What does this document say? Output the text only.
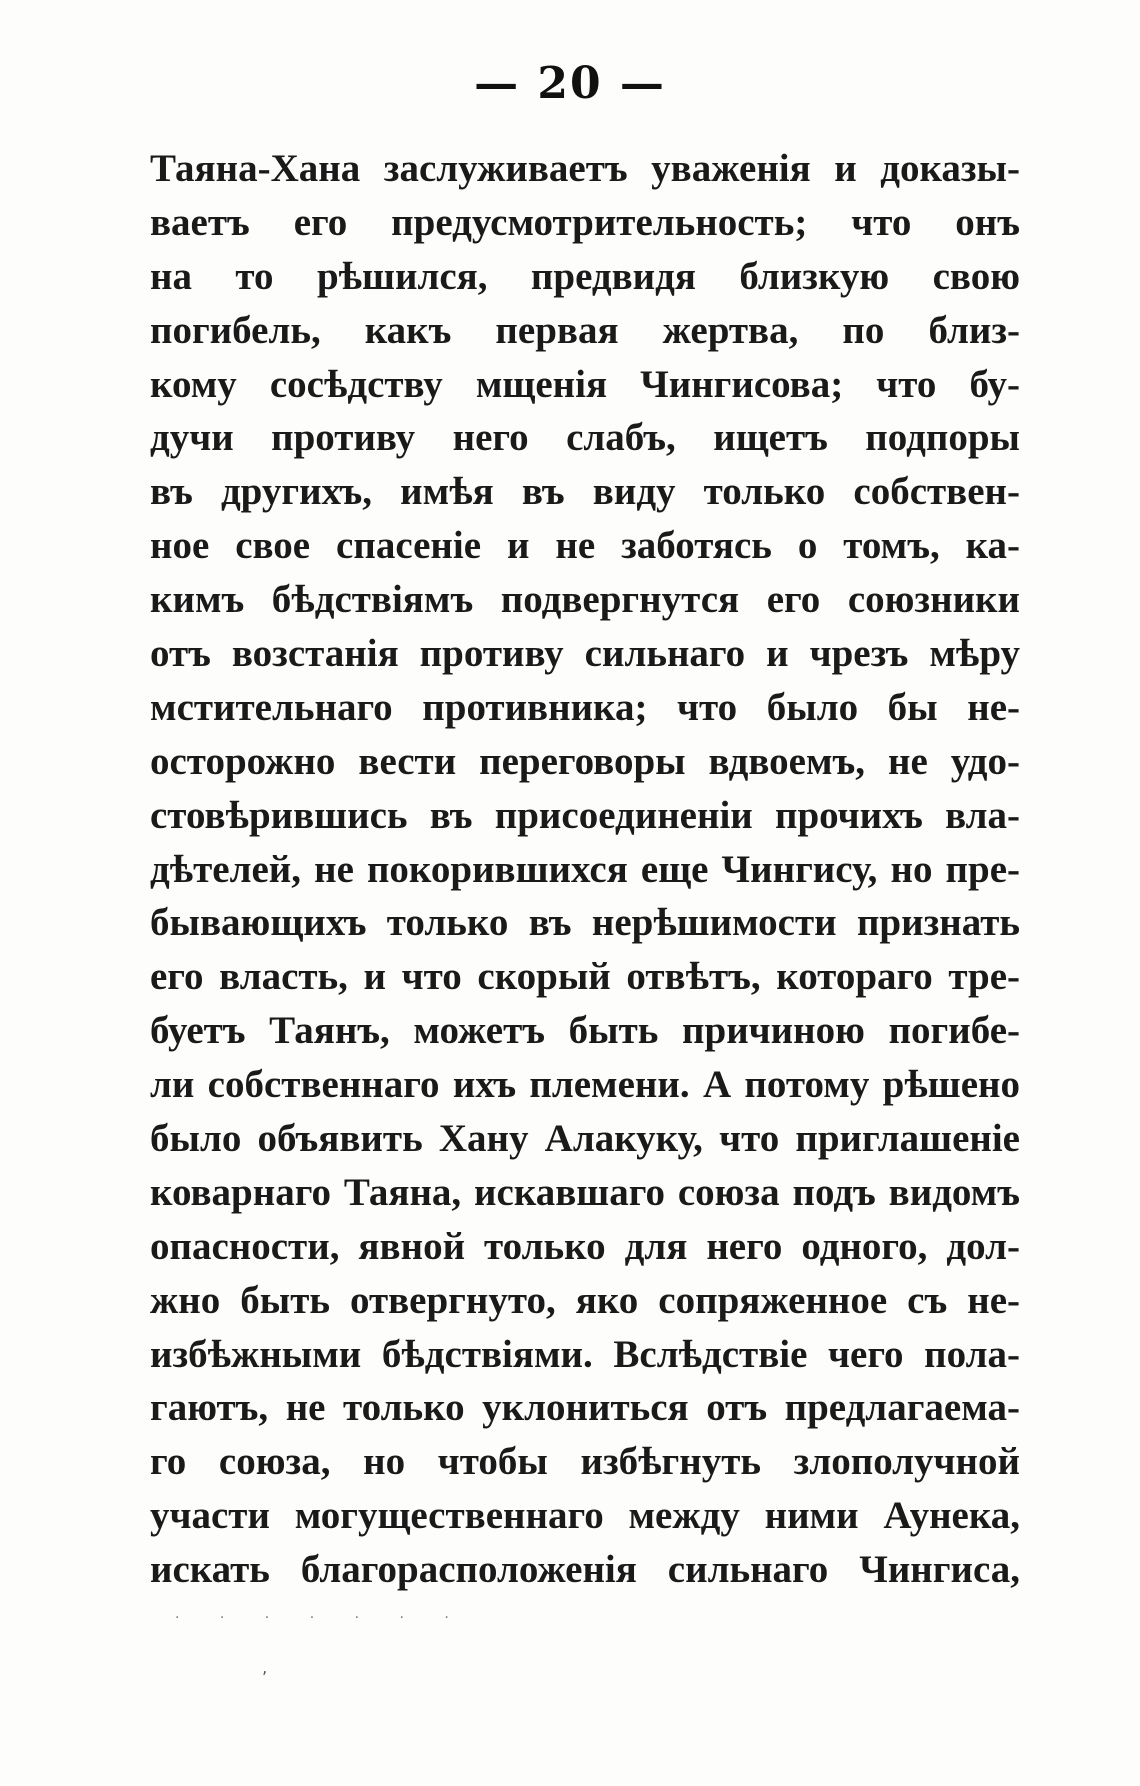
— 20 —
Таяна-Хана заслуживаетъ уваженія и доказы-
ваетъ его предусмотрительность; что онъ
на то рѣшился, предвидя близкую свою
погибель, какъ первая жертва, по близ-
кому сосѣдству мщенія Чингисова; что бу-
дучи противу него слабъ, ищетъ подпоры
въ другихъ, имѣя въ виду только собствен-
ное свое спасеніе и не заботясь о томъ, ка-
кимъ бѣдствіямъ подвергнутся его союзники
отъ возстанія противу сильнаго и чрезъ мѣру
мстительнаго противника; что было бы не-
осторожно вести переговоры вдвоемъ, не удо-
стовѣрившись въ присоединеніи прочихъ вла-
дѣтелей, не покорившихся еще Чингису, но пре-
бывающихъ только въ нерѣшимости признать
его власть, и что скорый отвѣтъ, котораго тре-
буетъ Таянъ, можетъ быть причиною погибе-
ли собственнаго ихъ племени. А потому рѣшено
было объявить Хану Алакуку, что приглашеніе
коварнаго Таяна, искавшаго союза подъ видомъ
опасности, явной только для него одного, дол-
жно быть отвергнуто, яко сопряженное съ не-
избѣжными бѣдствіями. Вслѣдствіе чего пола-
гаютъ, не только уклониться отъ предлагаема-
го союза, но чтобы избѣгнуть злополучной
участи могущественнаго между ними Аунека,
искать благорасположенія сильнаго Чингиса,
· · · · · · ·
‚
